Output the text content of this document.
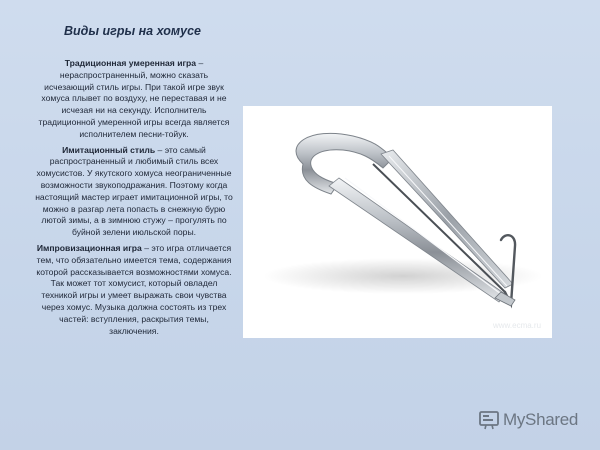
Виды игры на хомусе

Традиционная умеренная игра – нераспространенный, можно сказать исчезающий стиль игры. При такой игре звук хомуса плывет по воздуху, не переставая и не исчезая ни на секунду. Исполнитель традиционной умеренной игры всегда является исполнителем песни-тойук.

Имитационный стиль – это самый распространенный и любимый стиль всех хомусистов. У якутского хомуса неограниченные возможности звукоподражания. Поэтому когда настоящий мастер играет имитационной игры, то можно в разгар лета попасть в снежную бурю лютой зимы, а в зимнюю стужу – прогулять по буйной зелени июльской поры.

Импровизационная игра – это игра отличается тем, что обязательно имеется тема, содержания которой рассказывается возможностями хомуса. Так может тот хомусист, который овладел техникой игры и умеет выражать свои чувства через хомус. Музыка должна состоять из трех частей: вступления, раскрытия темы, заключения.

www.ecma.ru
MyShared
